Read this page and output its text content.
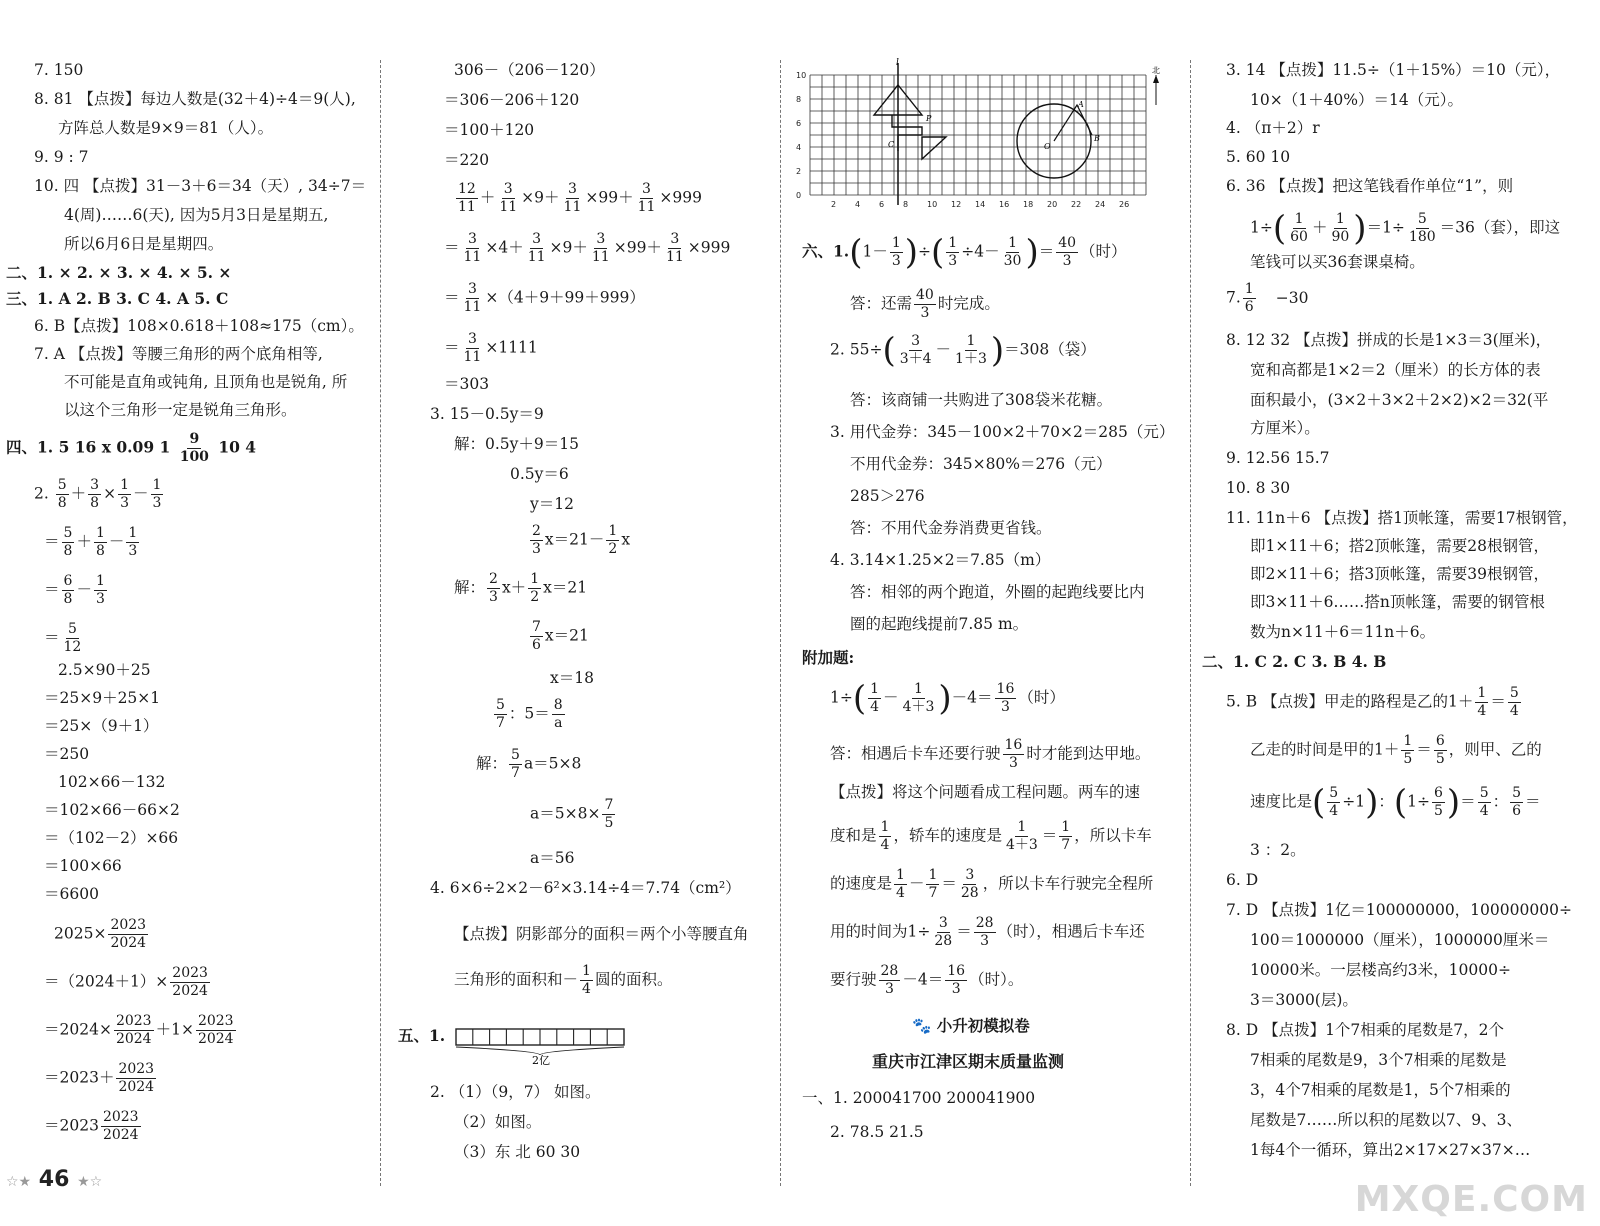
7. 150
8. 81 【点拨】每边人数是(32＋4)÷4＝9(人),
方阵总人数是9×9＝81（人）。
9. 9 : 7
10. 四 【点拨】31－3＋6＝34（天）, 34÷7＝
4(周)……6(天), 因为5月3日是星期五,
所以6月6日是星期四。
二、1. × 2. × 3. × 4. × 5. ×
三、1. A 2. B 3. C 4. A 5. C
6. B【点拨】108×0.618＋108≈175（cm）。
7. A 【点拨】等腰三角形的两个底角相等,
不可能是直角或钝角, 且顶角也是锐角, 所
以这个三角形一定是锐角三角形。
四、1. 5 16 x 0.09 $1 \frac{9}{100} 10$ 4
2. $\frac{5}{8} + \frac{3}{8} \times \frac{1}{3} - \frac{1}{3}$
＝ $\frac{5}{8} + \frac{1}{8} - \frac{1}{3}$
＝ $\frac{6}{8} - \frac{1}{3}$
＝ $\frac{5}{12}$
2.5×90＋25
＝25×9＋25×1
＝25×（9＋1）
＝250
102×66－132
＝102×66－66×2
＝（102－2）×66
＝100×66
＝6600
$2025\times \frac{2023}{2024}$
$=(2024+1)\times \frac{2023}{2024}$
$=2024\times \frac{2023}{2024} +1\times \frac{2023}{2024}$
$=2023+ \frac{2023}{2024}$
$=2023 \frac{2023}{2024}$
306－（206－120）
＝306－206＋120
＝100＋120
＝220
$\frac{12}{11} + \frac{3}{11} \times 9+ \frac{3}{11} \times 99+ \frac{3}{11} \times 999$
＝ $\frac{3}{11} \times 4+ \frac{3}{11} \times 9+ \frac{3}{11} \times 99+ \frac{3}{11} \times 999$
＝ $\frac{3}{11} \times(4+9+99+999)$
＝ $\frac{3}{11} \times 1111$
＝303
3. 15－0.5y＝9
解：0.5y＋9＝15
0.5y＝6
y＝12
$\frac{2}{3} x=21- \frac{1}{2}$ x
解： $\frac{2}{3} x+ \frac{1}{2} x=21$
$\frac{7}{6} x=21$
x＝18
$\frac{5}{7}$ ：$5= \frac{8}{a}$
解： $\frac{5}{7} a=5\times 8$
$a=5\times 8\times \frac{7}{5}$
a＝56
4. 6×6÷2×2－6²×3.14÷4＝7.74（cm²）
【点拨】阴影部分的面积＝两个小等腰直角
三角形的面积和－ $\frac{1}{4}$ 圆的面积。
五、1.
2亿
2. （1）（9，7） 如图。
（2）如图。
（3）东 北 60 30
10
8
6
4
2
0
2 4 6 8 10 12 14 16 18 20 22 24 26
l
C
P
A
B
O
北
六、$1.(1- \frac{1}{3}$ )÷( $\frac{1}{3} \div 4- \frac{1}{30}$ )＝ $\frac{40}{3}$ （时）
答：还需 $\frac{40}{3}$ 时完成。
2. $55\div( \frac{3}{3+4} - \frac{1}{1+3} )=308$（袋）
答：该商铺一共购进了308袋米花糖。
3. 用代金券：345－100×2＋70×2＝285（元）
不用代金券：345×80%＝276（元）
285＞276
答：不用代金券消费更省钱。
4. 3.14×1.25×2＝7.85（m）
答：相邻的两个跑道，外圈的起跑线要比内
圈的起跑线提前7.85 m。
附加题:
$1\div( \frac{1}{4} - \frac{1}{4+3} )-4= \frac{16}{3}$ （时）
答：相遇后卡车还要行驶 $\frac{16}{3}$ 时才能到达甲地。
【点拨】将这个问题看成工程问题。两车的速
度和是 $\frac{1}{4}$ ，轿车的速度是 $\frac{1}{4+3} = \frac{1}{7}$ ，所以卡车
的速度是 $\frac{1}{4} - \frac{1}{7} = \frac{3}{28}$ ，所以卡车行驶完全程所
用的时间为$1\div \frac{3}{28} = \frac{28}{3}$ （时），相遇后卡车还
要行驶 $\frac{28}{3} -4= \frac{16}{3}$ （时）。
🐾 小升初模拟卷
重庆市江津区期末质量监测
一、1. 200041700 200041900
2. 78.5 21.5
3. 14 【点拨】11.5÷（1＋15%）＝10（元），
10×（1＋40%）＝14（元）。
4. （π＋2）r
5. 60 10
6. 36 【点拨】把这笔钱看作单位“1”，则
$1\div( \frac{1}{60} + \frac{1}{90} )=1\div \frac{5}{180} =36$（套），即这
笔钱可以买36套课桌椅。
7. $\frac{1}{6} -30$
8. 12 32 【点拨】拼成的长是1×3＝3(厘米)，
宽和高都是1×2＝2（厘米）的长方体的表
面积最小，(3×2＋3×2＋2×2)×2＝32(平
方厘米）。
9. 12.56 15.7
10. 8 30
11. 11n＋6 【点拨】搭1顶帐篷，需要17根钢管，
即1×11＋6；搭2顶帐篷，需要28根钢管，
即2×11＋6；搭3顶帐篷，需要39根钢管，
即3×11＋6……搭n顶帐篷，需要的钢管根
数为n×11＋6＝11n＋6。
二、1. C 2. C 3. B 4. B
5. B 【点拨】甲走的路程是乙的$1+ \frac{1}{4} = \frac{5}{4}$
乙走的时间是甲的$1+ \frac{1}{5} = \frac{6}{5}$ ，则甲、乙的
速度比是( $\frac{5}{4} \div 1$)：($1\div \frac{6}{5}$ )＝ $\frac{5}{4}$ ： $\frac{5}{6}$ ＝
3 ：2。
6. D
7. D 【点拨】1亿＝100000000，100000000÷
100＝1000000（厘米），1000000厘米＝
10000米。一层楼高约3米，10000÷
3＝3000(层)。
8. D 【点拨】1个7相乘的尾数是7，2个
7相乘的尾数是9，3个7相乘的尾数是
3，4个7相乘的尾数是1，5个7相乘的
尾数是7……所以积的尾数以7、9、3、
1每4个一循环，算出2×17×27×37×…
☆★ 46 ★☆	MXQE.COM
